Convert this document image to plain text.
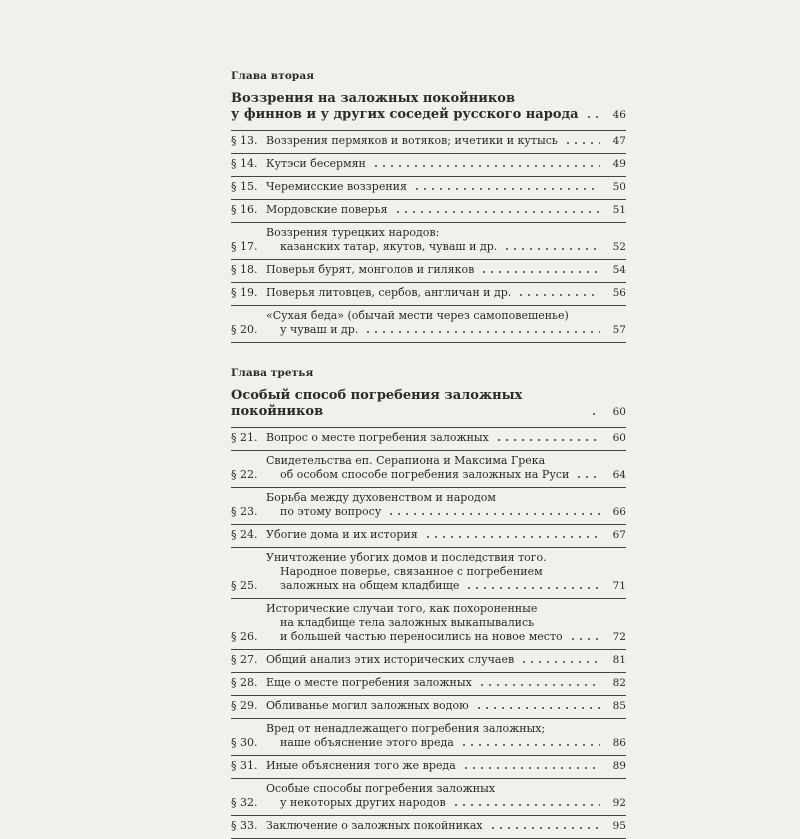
Глава вторая
Воззрения на заложных покойников
у финнов и у других соседей русского народа	46
§ 13. Воззрения пермяков и вотяков; ичетики и кутысь	47
§ 14. Кутэси бесермян	49
§ 15. Черемисские воззрения	50
§ 16. Мордовские поверья	51
§ 17.
Воззрения турецких народов:
казанских татар, якутов, чуваш и др.	52
§ 18. Поверья бурят, монголов и гиляков	54
§ 19. Поверья литовцев, сербов, англичан и др.	56
§ 20.
«Сухая беда» (обычай мести через самоповешенье)
у чуваш и др.	57
Глава третья
Особый способ погребения заложных покойников	60
§ 21. Вопрос о месте погребения заложных	60
§ 22.
Свидетельства еп. Серапиона и Максима Грека
об особом способе погребения заложных на Руси	64
§ 23.
Борьба между духовенством и народом
по этому вопросу	66
§ 24. Убогие дома и их история	67
§ 25.
Уничтожение убогих домов и последствия того.
Народное поверье, связанное с погребением
заложных на общем кладбище	71
§ 26.
Исторические случаи того, как похороненные
на кладбище тела заложных выкапывались
и большей частью переносились на новое место	72
§ 27. Общий анализ этих исторических случаев	81
§ 28. Еще о месте погребения заложных	82
§ 29. Обливанье могил заложных водою	85
§ 30.
Вред от ненадлежащего погребения заложных;
наше объяснение этого вреда	86
§ 31. Иные объяснения того же вреда	89
§ 32.
Особые способы погребения заложных
у некоторых других народов	92
§ 33. Заключение о заложных покойниках	95
